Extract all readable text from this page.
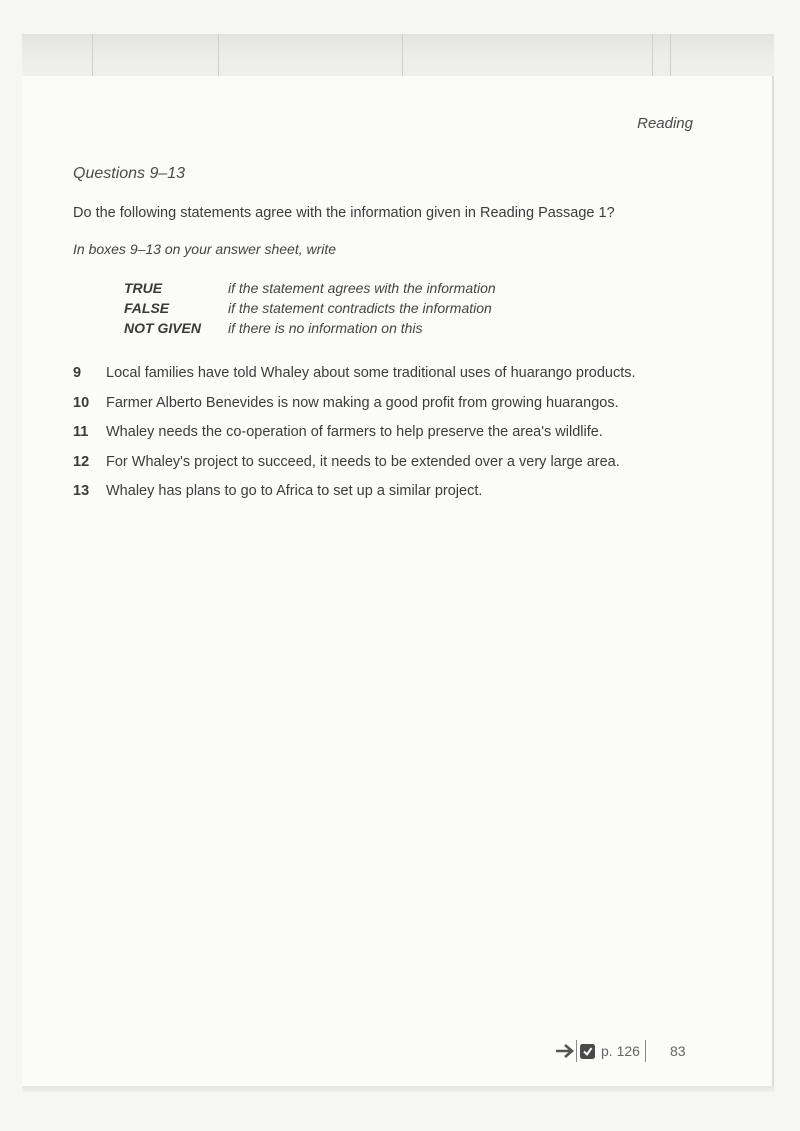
Reading
Questions 9–13
Do the following statements agree with the information given in Reading Passage 1?
In boxes 9–13 on your answer sheet, write
TRUE	if the statement agrees with the information
FALSE	if the statement contradicts the information
NOT GIVEN	if there is no information on this
9	Local families have told Whaley about some traditional uses of huarango products.
10	Farmer Alberto Benevides is now making a good profit from growing huarangos.
11	Whaley needs the co-operation of farmers to help preserve the area's wildlife.
12	For Whaley's project to succeed, it needs to be extended over a very large area.
13	Whaley has plans to go to Africa to set up a similar project.
p. 126 83
